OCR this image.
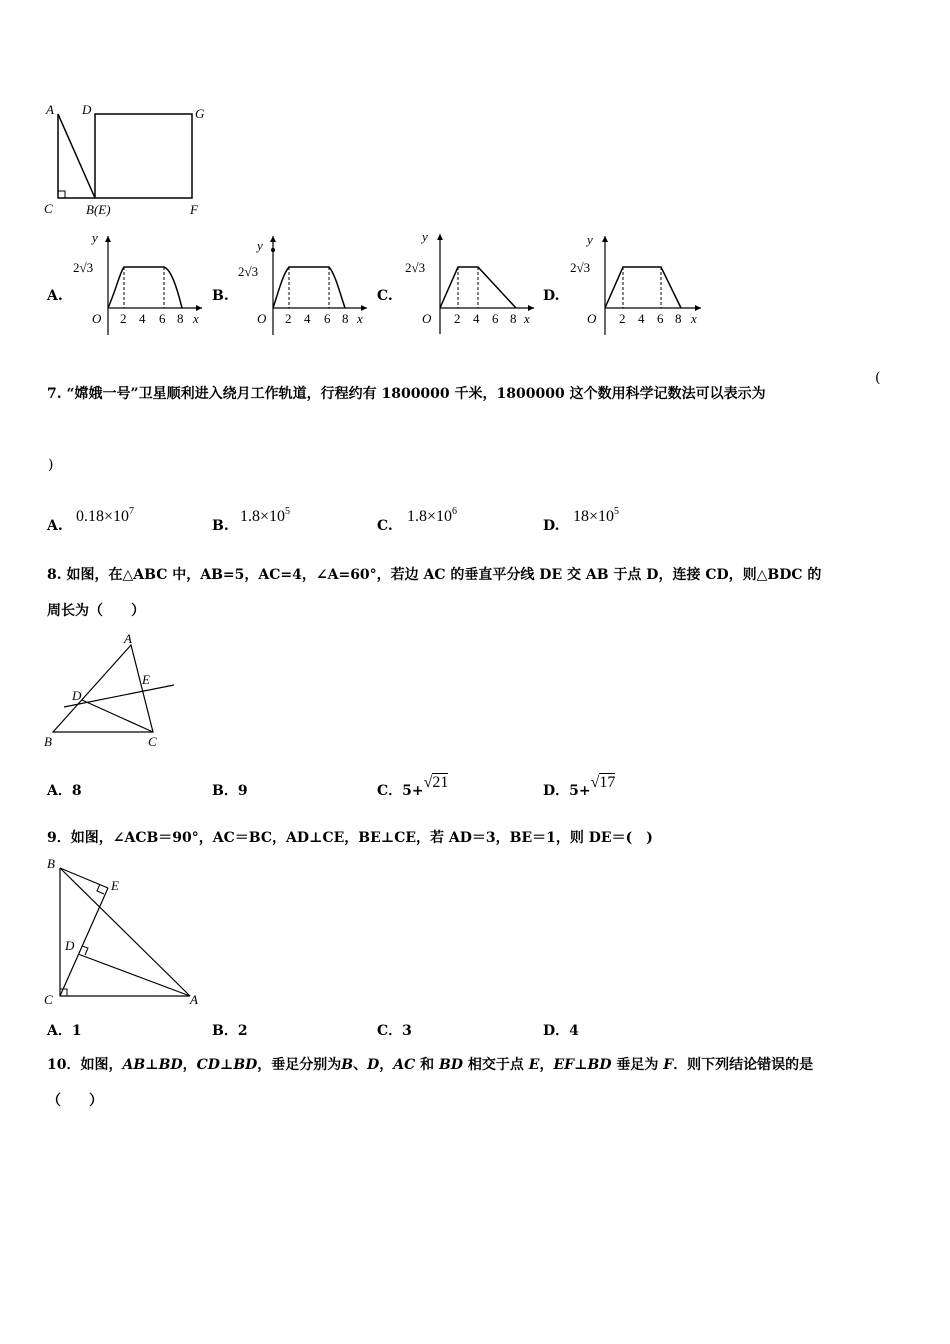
A D	G
C	B(E)	F
A.
y
2√3
O 2 4 6 8 x
B.
y
2√3
O 2 4 6 8 x
C.
y
2√3
O 2 4 6 8 x
D.
y
2√3
O 2 4 6 8 x
7. “嫦娥一号”卫星顺利进入绕月工作轨道，行程约有 1800000 千米，1800000 这个数用科学记数法可以表示为
(
)
A.
$0.18\times 10^7$
B.
$1.8\times 10^5$
C.
$1.8\times 10^6$
D.
$18\times 10^5$
8. 如图，在△ABC 中，AB=5，AC=4，∠A=60°，若边 AC 的垂直平分线 DE 交 AB 于点 D，连接 CD，则△BDC 的
周长为（　　）
A
D
E
B	C
A．8	B．9	C．5+√21	D．5+√17
9．如图，∠ACB＝90°，AC＝BC，AD⊥CE，BE⊥CE，若 AD＝3，BE＝1，则 DE＝(　)
B
E
D
C	A
A．1	B．2	C．3	D．4
10．如图，AB⊥BD，CD⊥BD，垂足分别为B、D，AC 和 BD 相交于点 E，EF⊥BD 垂足为 F．则下列结论错误的是
（　　）
